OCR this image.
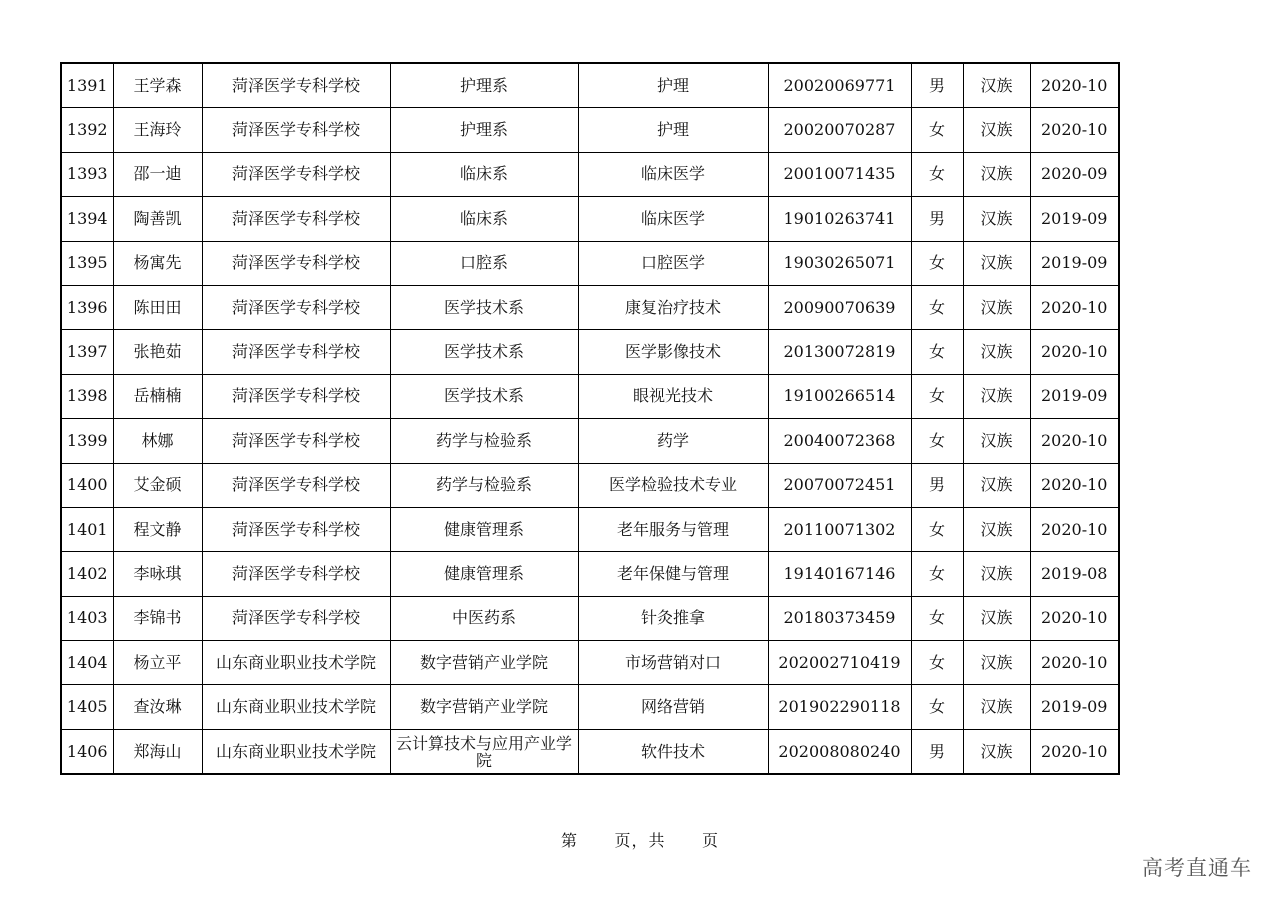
1391	王学森	菏泽医学专科学校	护理系	护理	20020069771	男	汉族	2020-10
1392	王海玲	菏泽医学专科学校	护理系	护理	20020070287	女	汉族	2020-10
1393	邵一迪	菏泽医学专科学校	临床系	临床医学	20010071435	女	汉族	2020-09
1394	陶善凯	菏泽医学专科学校	临床系	临床医学	19010263741	男	汉族	2019-09
1395	杨寓先	菏泽医学专科学校	口腔系	口腔医学	19030265071	女	汉族	2019-09
1396	陈田田	菏泽医学专科学校	医学技术系	康复治疗技术	20090070639	女	汉族	2020-10
1397	张艳茹	菏泽医学专科学校	医学技术系	医学影像技术	20130072819	女	汉族	2020-10
1398	岳楠楠	菏泽医学专科学校	医学技术系	眼视光技术	19100266514	女	汉族	2019-09
1399	林娜	菏泽医学专科学校	药学与检验系	药学	20040072368	女	汉族	2020-10
1400	艾金硕	菏泽医学专科学校	药学与检验系	医学检验技术专业	20070072451	男	汉族	2020-10
1401	程文静	菏泽医学专科学校	健康管理系	老年服务与管理	20110071302	女	汉族	2020-10
1402	李咏琪	菏泽医学专科学校	健康管理系	老年保健与管理	19140167146	女	汉族	2019-08
1403	李锦书	菏泽医学专科学校	中医药系	针灸推拿	20180373459	女	汉族	2020-10
1404	杨立平	山东商业职业技术学院	数字营销产业学院	市场营销对口	202002710419	女	汉族	2020-10
1405	查汝琳	山东商业职业技术学院	数字营销产业学院	网络营销	201902290118	女	汉族	2019-09
1406	郑海山	山东商业职业技术学院	云计算技术与应用产业学院	软件技术	202008080240	男	汉族	2020-10
第 页，共 页
高考直通车
